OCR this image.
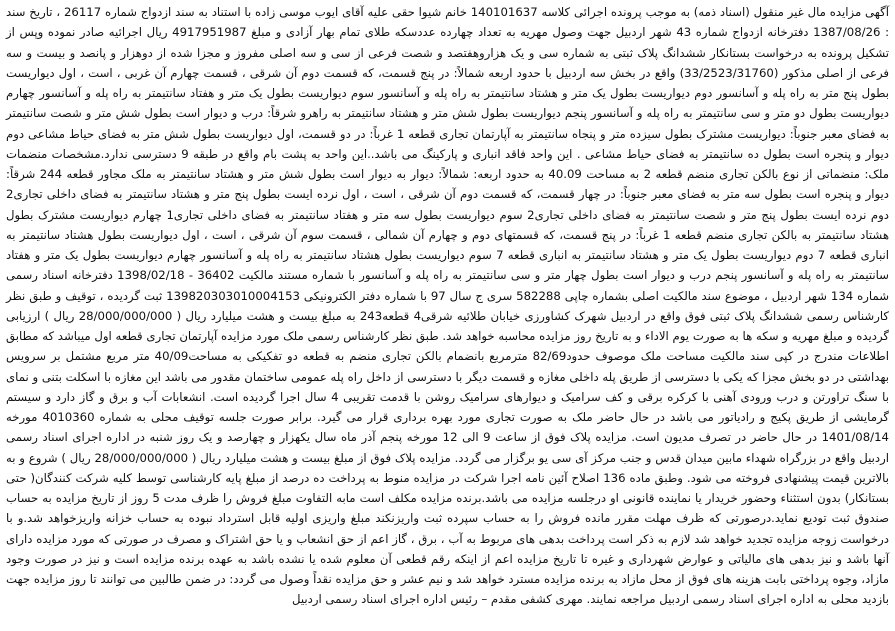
آگهی مزایده مال غیر منقول (اسناد ذمه) به موجب پرونده اجرائی کلاسه 140101637 خانم شیوا حقی علیه آقای ایوب موسی زاده با استناد به سند ازدواج شماره 26117 ، تاریخ سند : 1387/08/26 دفترخانه ازدواج شماره 43 شهر اردبیل جهت وصول مهریه به تعداد چهارده عددسکه طلای تمام بهار آزادی و مبلغ 4917951987 ریال اجرائیه صادر نموده وپس از تشکیل پرونده به درخواست بستانکار ششدانگ پلاک ثبتی به شماره سی و یک هزاروهفتصد و شصت فرعی از سی و سه اصلی مفروز و مجزا شده از دوهزار و پانصد و بیست و سه فرعی از اصلی مذکور (33/2523/31760) واقع در بخش سه اردبیل با حدود اربعه شمالاً: در پنج قسمت، که قسمت دوم آن شرقی ، قسمت چهارم آن غربی ، است ، اول دیواریست بطول پنج متر به راه پله و آسانسور دوم دیواریست بطول یک متر و هشتاد سانتیمتر به راه پله و آسانسور سوم دیواریست بطول یک متر و هفتاد سانتیمتر به راه پله و آسانسور چهارم دیواریست بطول دو متر و سی سانتیمتر به راه پله و آسانسور پنجم دیواریست بطول شش متر و هشتاد سانتیمتر به راهرو شرقاً: درب و دیوار است بطول شش متر و شصت سانتیمتر به فضای معبر جنوباً: دیواریست مشترک بطول سیزده متر و پنجاه سانتیمتر به آپارتمان تجاری قطعه 1 غرباً: در دو قسمت، اول دیواریست بطول شش متر به فضای حیاط مشاعی دوم دیوار و پنجره است بطول ده سانتیمتر به فضای حیاط مشاعی . این واحد فاقد انباری و پارکینگ می باشد..این واحد به پشت بام واقع در طبقه 9 دسترسی ندارد.مشخصات منضمات ملک: منضماتی از نوع بالکن تجاری منضم قطعه 2 به مساحت 40.09 به حدود اربعه: شمالاً: دیوار به دیوار است بطول شش متر و هشتاد سانتیمتر به ملک مجاور قطعه 244 شرقاً: دیوار و پنجره است بطول سه متر به فضای معبر جنوباً: در چهار قسمت، که قسمت دوم آن شرقی ، است ، اول نرده ایست بطول پنج متر و هشتاد سانتیمتر به فضای داخلی تجاری2 دوم نرده ایست بطول پنج متر و شصت سانتیمتر به فضای داخلی تجاری2 سوم دیواریست بطول سه متر و هفتاد سانتیمتر به فضای داخلی تجاری1 چهارم دیواریست مشترک بطول هشتاد سانتیمتر به بالکن تجاری منضم قطعه 1 غرباً: در پنج قسمت، که قسمتهای دوم و چهارم آن شمالی ، قسمت سوم آن شرقی ، است ، اول دیواریست بطول هشتاد سانتیمتر به انباری قطعه 7 دوم دیواریست بطول یک متر و هشتاد سانتیمتر به انباری قطعه 7 سوم دیواریست بطول هشتاد سانتیمتر به راه پله و آسانسور چهارم دیواریست بطول یک متر و هفتاد سانتیمتر به راه پله و آسانسور پنجم درب و دیوار است بطول چهار متر و سی سانتیمتر به راه پله و آسانسور با شماره مستند مالکیت 36402 - 1398/02/18 دفترخانه اسناد رسمی شماره 134 شهر اردبیل ، موضوع سند مالکیت اصلی بشماره چاپی 582288 سری ج سال 97 با شماره دفتر الکترونیکی 139820303010004153 ثبت گردیده ، توقیف و طبق نظر کارشناس رسمی ششدانگ پلاک ثبتی فوق واقع در اردبیل شهرک کشاورزی خیابان طلائیه شرقی4 قطعه243 به مبلغ بیست و هشت میلیارد ریال ( 28/000/000/000 ریال ) ارزیابی گردیده و مبلغ مهریه و سکه ها به صورت یوم الاداء و به تاریخ روز مزایده محاسبه خواهد شد. طبق نظر کارشناس رسمی ملک مورد مزایده آپارتمان تجاری قطعه اول میباشد که مطابق اطلاعات مندرج در کپی سند مالکیت مساحت ملک موصوف حدود82/69 مترمربع بانضمام بالکن تجاری منضم به قطعه دو تفکیکی به مساحت40/09 متر مربع مشتمل بر سرویس بهداشتی در دو بخش مجزا که یکی با دسترسی از طریق پله داخلی مغازه و قسمت دیگر با دسترسی از داخل راه پله عمومی ساختمان مقدور می باشد این مغازه با اسکلت بتنی و نمای با سنگ تراورتن و درب ورودی آهنی با کرکره برقی و کف سرامیک و دیوارهای سرامیک روشن با قدمت تقریبی 4 سال اجرا گردیده است. انشعابات آب و برق و گاز دارد و سیستم گرمایشی از طریق پکیج و رادیاتور می باشد در حال حاضر ملک به صورت تجاری مورد بهره برداری قرار می گیرد. برابر صورت جلسه توقیف محلی به شماره 4010360 مورخه 1401/08/14 در حال حاضر در تصرف مدیون است. مزایده پلاک فوق از ساعت 9 الی 12 مورخه پنجم آذر ماه سال یکهزار و چهارصد و یک روز شنبه در اداره اجرای اسناد رسمی اردبیل واقع در بزرگراه شهداء مابین میدان قدس و جنب مرکز آی سی یو برگزار می گردد. مزایده پلاک فوق از مبلغ بیست و هشت میلیارد ریال ( 28/000/000/000 ریال ) شروع و به بالاترین قیمت پیشنهادی فروخته می شود. وطبق ماده 136 اصلاح آئین نامه اجرا شرکت در مزایده منوط به پرداخت ده درصد از مبلغ پایه کارشناسی توسط کلیه شرکت کنندگان( حتی بستانکار) بدون استثناء وحضور خریدار یا نماینده قانونی او درجلسه مزایده می باشد.برنده مزایده مکلف است مابه التفاوت مبلغ فروش را ظرف مدت 5 روز از تاریخ مزایده به حساب صندوق ثبت تودیع نماید.درصورتی که ظرف مهلت مقرر مانده فروش را به حساب سپرده ثبت واریزنکند مبلغ واریزی اولیه قابل استرداد نبوده به حساب خزانه واریزخواهد شد.و با درخواست زوجه مزایده تجدید خواهد شد لازم به ذکر است پرداخت بدهی های مربوط به آب ، برق ، گاز اعم از حق انشعاب و یا حق اشتراک و مصرف در صورتی که مورد مزایده دارای آنها باشد و نیز بدهی های مالیاتی و عوارض شهرداری و غیره تا تاریخ مزایده اعم از اینکه رقم قطعی آن معلوم شده یا نشده باشد به عهده برنده مزایده است و نیز در صورت وجود مازاد، وجوه پرداختی بابت هزینه های فوق از محل مازاد به برنده مزایده مسترد خواهد شد و نیم عشر و حق مزایده نقداً وصول می گردد: در ضمن طالبین می توانند تا روز مزایده جهت بازدید محلی به اداره اجرای اسناد رسمی اردبیل مراجعه نمایند. مهری کشفی مقدم – رئیس اداره اجرای اسناد رسمی اردبیل
